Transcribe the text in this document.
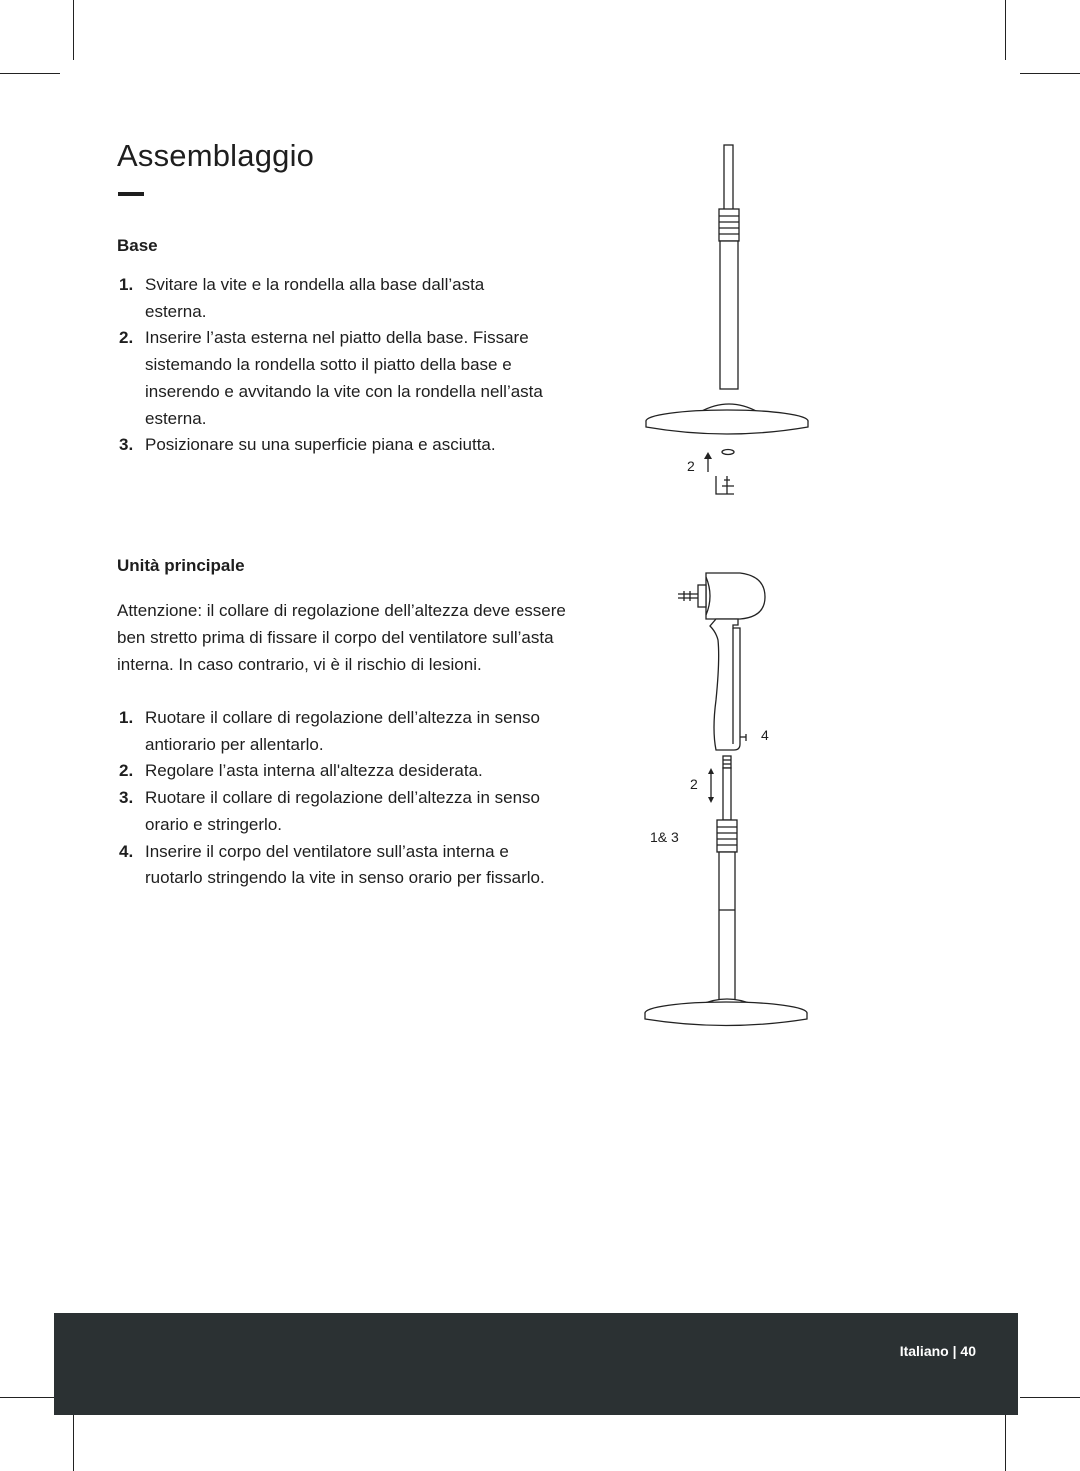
Assemblaggio
Base
1. Svitare la vite e la rondella alla base dall’asta esterna.
2. Inserire l’asta esterna nel piatto della base. Fissare sistemando la rondella sotto il piatto della base e inserendo e avvitando la vite con la rondella nell’asta esterna.
3. Posizionare su una superficie piana e asciutta.
2
Unità principale

Attenzione: il collare di regolazione dell’altezza deve essere ben stretto prima di fissare il corpo del ventilatore sull’asta interna. In caso contrario, vi è il rischio di lesioni.

1. Ruotare il collare di regolazione dell’altezza in senso antiorario per allentarlo.
2. Regolare l’asta interna all'altezza desiderata.
3. Ruotare il collare di regolazione dell’altezza in senso orario e stringerlo.
4. Inserire il corpo del ventilatore sull’asta interna e ruotarlo stringendo la vite in senso orario per fissarlo.
4
2
1& 3
Italiano | 40
